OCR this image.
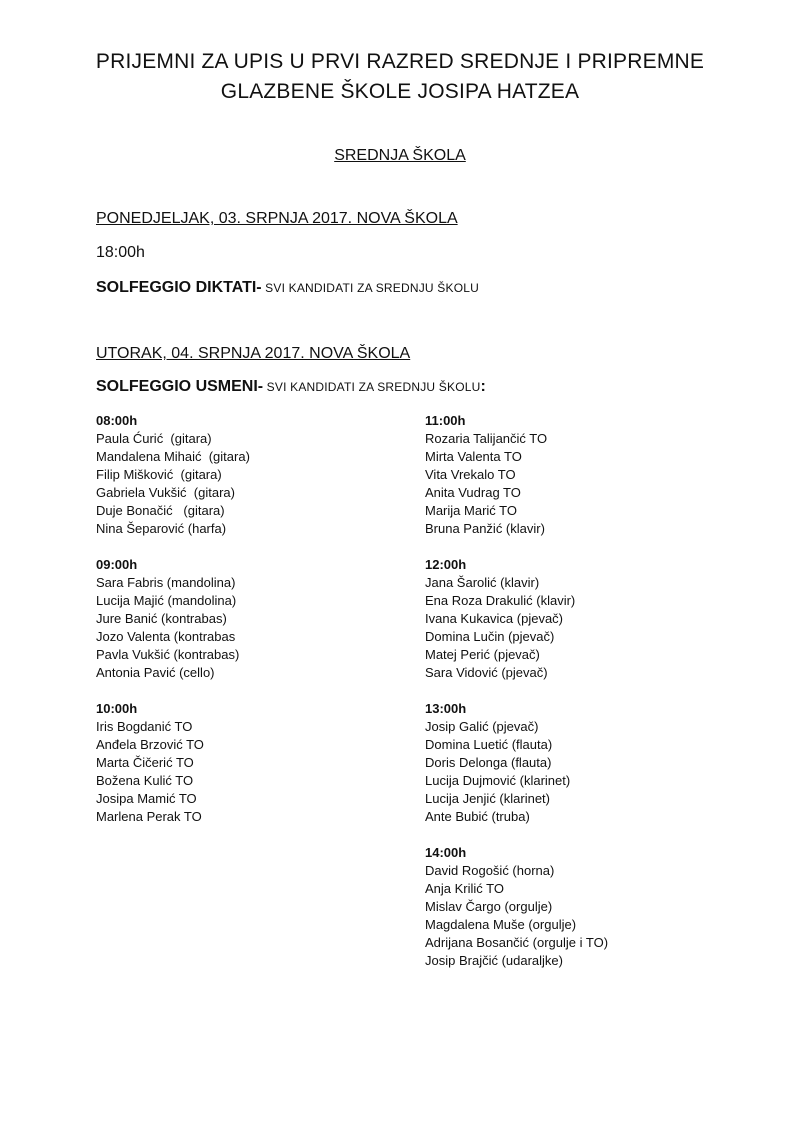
PRIJEMNI ZA UPIS U PRVI RAZRED SREDNJE I PRIPREMNE
GLAZBENE ŠKOLE JOSIPA HATZEA
SREDNJA ŠKOLA
PONEDJELJAK, 03. SRPNJA 2017. NOVA ŠKOLA
18:00h
SOLFEGGIO DIKTATI- SVI KANDIDATI ZA SREDNJU ŠKOLU
UTORAK, 04. SRPNJA 2017. NOVA ŠKOLA
SOLFEGGIO USMENI- SVI KANDIDATI ZA SREDNJU ŠKOLU:
08:00h
Paula Ćurić  (gitara)
Mandalena Mihaić  (gitara)
Filip Mišković  (gitara)
Gabriela Vukšić  (gitara)
Duje Bonačić   (gitara)
Nina Šeparović (harfa)
09:00h
Sara Fabris (mandolina)
Lucija Majić (mandolina)
Jure Banić (kontrabas)
Jozo Valenta (kontrabas
Pavla Vukšić (kontrabas)
Antonia Pavić (cello)
10:00h
Iris Bogdanić TO
Anđela Brzović TO
Marta Čičerić TO
Božena Kulić TO
Josipa Mamić TO
Marlena Perak TO
11:00h
Rozaria Talijančić TO
Mirta Valenta TO
Vita Vrekalo TO
Anita Vudrag TO
Marija Marić TO
Bruna Panžić (klavir)
12:00h
Jana Šarolić (klavir)
Ena Roza Drakulić (klavir)
Ivana Kukavica (pjevač)
Domina Lučin (pjevač)
Matej Perić (pjevač)
Sara Vidović (pjevač)
13:00h
Josip Galić (pjevač)
Domina Luetić (flauta)
Doris Delonga (flauta)
Lucija Dujmović (klarinet)
Lucija Jenjić (klarinet)
Ante Bubić (truba)
14:00h
David Rogošić (horna)
Anja Krilić TO
Mislav Čargo (orgulje)
Magdalena Muše (orgulje)
Adrijana Bosančić (orgulje i TO)
Josip Brajčić (udaraljke)
